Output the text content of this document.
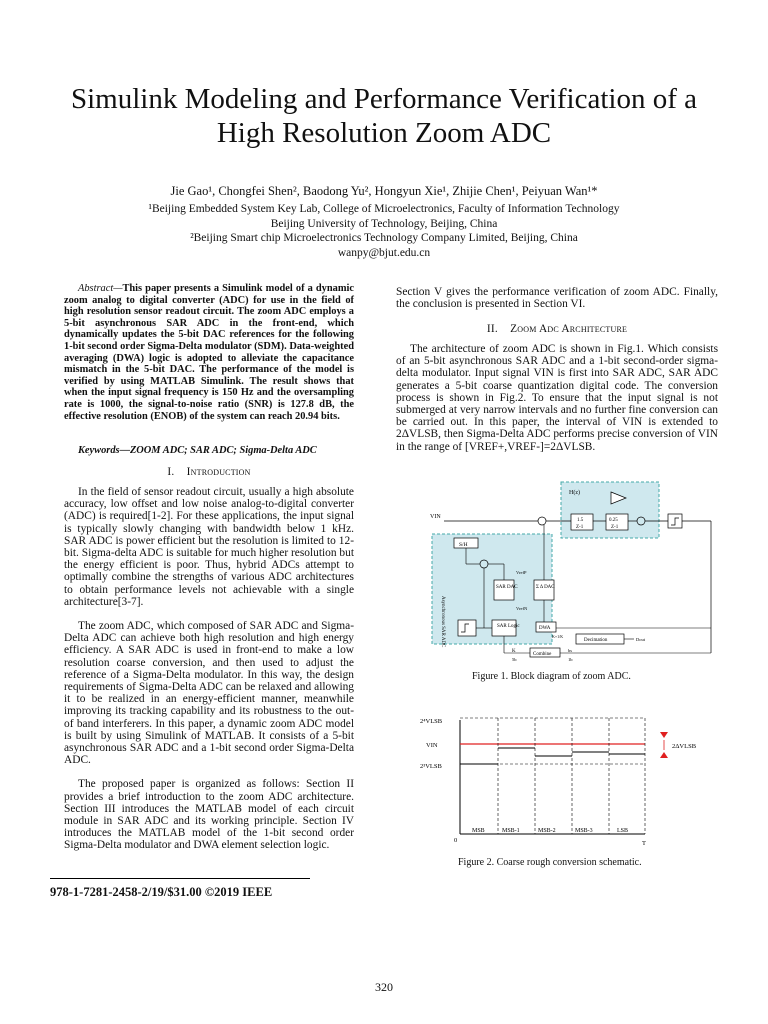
Simulink Modeling and Performance Verification of a
High Resolution Zoom ADC
Jie Gao¹, Chongfei Shen², Baodong Yu², Hongyun Xie¹, Zhijie Chen¹, Peiyuan Wan¹*
¹Beijing Embedded System Key Lab, College of Microelectronics, Faculty of Information Technology
Beijing University of Technology, Beijing, China
²Beijing Smart chip Microelectronics Technology Company Limited, Beijing, China
wanpy@bjut.edu.cn
Abstract—This paper presents a Simulink model of a dynamic zoom analog to digital converter (ADC) for use in the field of high resolution sensor readout circuit. The zoom ADC employs a 5-bit asynchronous SAR ADC in the front-end, which dynamically updates the 5-bit DAC references for the following 1-bit second order Sigma-Delta modulator (SDM). Data-weighted averaging (DWA) logic is adopted to alleviate the capacitance mismatch in the 5-bit DAC. The performance of the model is verified by using MATLAB Simulink. The result shows that when the input signal frequency is 150 Hz and the oversampling rate is 1000, the signal-to-noise ratio (SNR) is 127.8 dB, the effective resolution (ENOB) of the system can reach 20.94 bits.
Keywords—ZOOM ADC; SAR ADC; Sigma-Delta ADC
I. Introduction

In the field of sensor readout circuit, usually a high absolute accuracy, low offset and low noise analog-to-digital converter (ADC) is required[1-2]. For these applications, the input signal is typically slowly changing with bandwidth below 1 kHz. SAR ADC is power efficient but the resolution is limited to 12-bit. Sigma-delta ADC is suitable for much higher resolution but the energy efficient is poor. Thus, hybrid ADCs attempt to optimally combine the strengths of various ADC architectures to obtain performance levels not achievable with a single architecture[3-7].

The zoom ADC, which composed of SAR ADC and Sigma-Delta ADC can achieve both high resolution and high energy efficiency. A SAR ADC is used in front-end to make a low resolution coarse conversion, and then used to adjust the reference of a Sigma-Delta modulator. In this way, the design requirements of Sigma-Delta ADC can be relaxed and allowing it to be realized in an energy-efficient manner, meanwhile improving its tracking capability and its robustness to the out-of band interferers. In this paper, a dynamic zoom ADC model is built by using Simulink of MATLAB. It consists of a 5-bit asynchronous SAR ADC and a 1-bit second order Sigma-Delta ADC.

The proposed paper is organized as follows: Section II provides a brief introduction to the zoom ADC architecture. Section III introduces the MATLAB model of each circuit module in SAR ADC and its working principle. Section IV introduces the MATLAB model of the 1-bit second order Sigma-Delta modulator and DWA element selection logic.

978-1-7281-2458-2/19/$31.00 ©2019 IEEE

Section V gives the performance verification of zoom ADC. Finally, the conclusion is presented in Section VI.

II. Zoom Adc Architecture

The architecture of zoom ADC is shown in Fig.1. Which consists of an 5-bit asynchronous SAR ADC and a 1-bit second-order sigma-delta modulator. Input signal VIN is first into SAR ADC, SAR ADC generates a 5-bit coarse quantization digital code. The conversion process is shown in Fig.2. To ensure that the input signal is not submerged at very narrow intervals and no further fine conversion can be carried out. In this paper, the interval of VIN is extended to 2ΔVLSB, then Sigma-Delta ADC performs precise conversion of VIN in the range of [VREF+,VREF-]=2ΔVLSB.

H(z)
Asynchronous SAR ADC
VIN
1.5
Z-1
0.25
Z-1
S/H
SAR DAC	Σ Δ DAC
VrefP
VrefN
SAR Logic	DWA
K+1/K
Decimation	Dout
Combine
K
5b
bs
1b
Figure 1. Block diagram of zoom ADC.
2⁴VLSB
VIN
2³VLSB
0	T
2ΔVLSB
MSB	MSB-1	MSB-2	MSB-3	LSB
Figure 2. Coarse rough conversion schematic.
320
